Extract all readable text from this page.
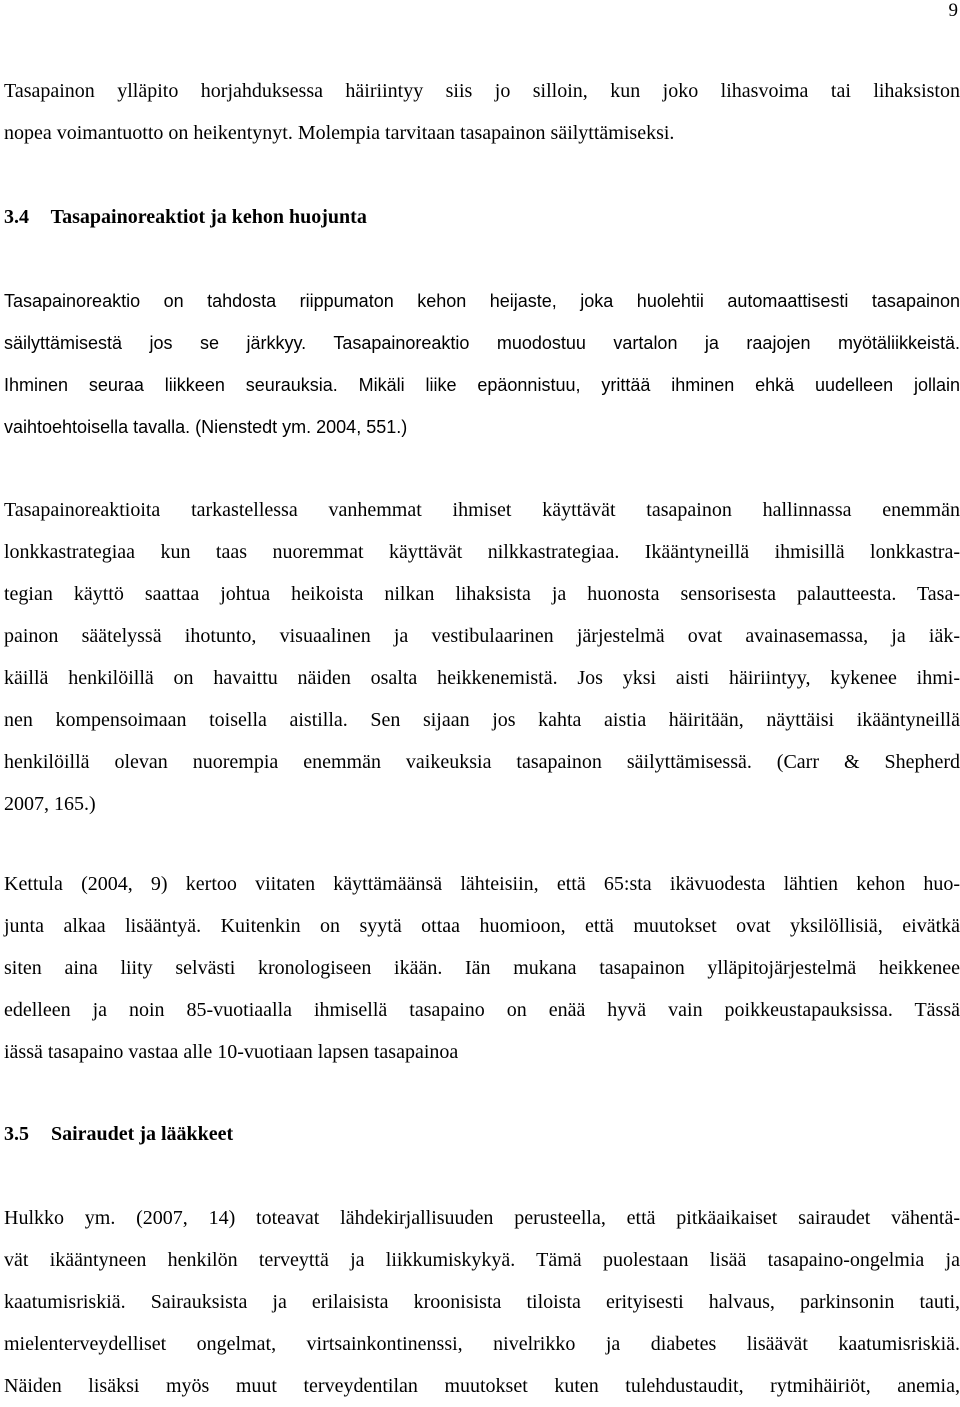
9
Tasapainon ylläpito horjahduksessa häiriintyy siis jo silloin, kun joko lihasvoima tai lihaksiston
nopea voimantuotto on heikentynyt. Molempia tarvitaan tasapainon säilyttämiseksi.
3.4 Tasapainoreaktiot ja kehon huojunta
Tasapainoreaktio on tahdosta riippumaton kehon heijaste, joka huolehtii automaattisesti tasapainon
säilyttämisestä jos se järkkyy. Tasapainoreaktio muodostuu vartalon ja raajojen myötäliikkeistä.
Ihminen seuraa liikkeen seurauksia. Mikäli liike epäonnistuu, yrittää ihminen ehkä uudelleen jollain
vaihtoehtoisella tavalla. (Nienstedt ym. 2004, 551.)
Tasapainoreaktioita tarkastellessa vanhemmat ihmiset käyttävät tasapainon hallinnassa enemmän
lonkkastrategiaa kun taas nuoremmat käyttävät nilkkastrategiaa. Ikääntyneillä ihmisillä lonkkastra-
tegian käyttö saattaa johtua heikoista nilkan lihaksista ja huonosta sensorisesta palautteesta. Tasa-
painon säätelyssä ihotunto, visuaalinen ja vestibulaarinen järjestelmä ovat avainasemassa, ja iäk-
käillä henkilöillä on havaittu näiden osalta heikkenemistä. Jos yksi aisti häiriintyy, kykenee ihmi-
nen kompensoimaan toisella aistilla. Sen sijaan jos kahta aistia häiritään, näyttäisi ikääntyneillä
henkilöillä olevan nuorempia enemmän vaikeuksia tasapainon säilyttämisessä. (Carr & Shepherd
2007, 165.)
Kettula (2004, 9) kertoo viitaten käyttämäänsä lähteisiin, että 65:sta ikävuodesta lähtien kehon huo-
junta alkaa lisääntyä. Kuitenkin on syytä ottaa huomioon, että muutokset ovat yksilöllisiä, eivätkä
siten aina liity selvästi kronologiseen ikään. Iän mukana tasapainon ylläpitojärjestelmä heikkenee
edelleen ja noin 85-vuotiaalla ihmisellä tasapaino on enää hyvä vain poikkeustapauksissa. Tässä
iässä tasapaino vastaa alle 10-vuotiaan lapsen tasapainoa
3.5 Sairaudet ja lääkkeet
Hulkko ym. (2007, 14) toteavat lähdekirjallisuuden perusteella, että pitkäaikaiset sairaudet vähentä-
vät ikääntyneen henkilön terveyttä ja liikkumiskykyä. Tämä puolestaan lisää tasapaino-ongelmia ja
kaatumisriskiä. Sairauksista ja erilaisista kroonisista tiloista erityisesti halvaus, parkinsonin tauti,
mielenterveydelliset ongelmat, virtsainkontinenssi, nivelrikko ja diabetes lisäävät kaatumisriskiä.
Näiden lisäksi myös muut terveydentilan muutokset kuten tulehdustaudit, rytmihäiriöt, anemia,
